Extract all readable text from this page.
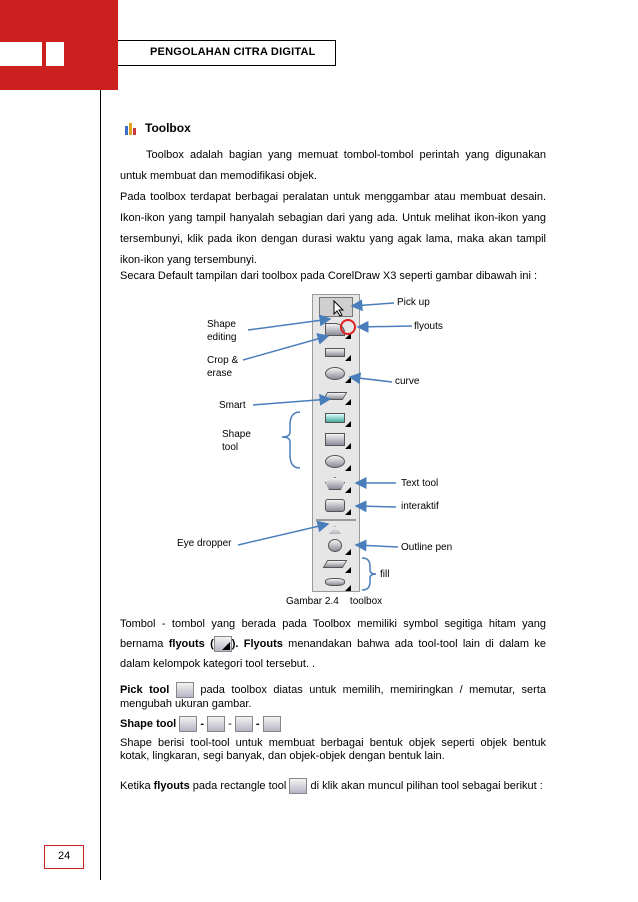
PENGOLAHAN CITRA DIGITAL
Toolbox
Toolbox adalah bagian yang memuat tombol-tombol perintah yang digunakan untuk membuat dan memodifikasi objek.
Pada toolbox terdapat berbagai peralatan untuk menggambar atau membuat desain. Ikon-ikon yang tampil hanyalah sebagian dari yang ada. Untuk melihat ikon-ikon yang tersembunyi, klik pada ikon dengan durasi waktu yang agak lama, maka akan tampil ikon-ikon yang tersembunyi.
Secara Default tampilan dari toolbox pada CorelDraw X3 seperti gambar dibawah ini :
Pick up
Shape
editing
flyouts
Crop &
erase
curve
Smart
Shape
tool
Text tool
interaktif
Eye dropper	Outline pen
fill
Gambar 2.4    toolbox
Tombol - tombol yang berada pada Toolbox memiliki symbol segitiga hitam yang bernama flyouts ( ). Flyouts menandakan bahwa ada tool-tool lain di dalam ke dalam kelompok kategori tool tersebut. .
Pick tool  pada toolbox diatas untuk memilih, memiringkan / memutar, serta mengubah ukuran gambar.
Shape tool  -  -  -
Shape berisi tool-tool untuk membuat berbagai bentuk objek seperti objek bentuk kotak, lingkaran, segi banyak, dan objek-objek dengan bentuk lain.
Ketika flyouts pada rectangle tool  di klik akan muncul pilihan tool sebagai berikut :
24
